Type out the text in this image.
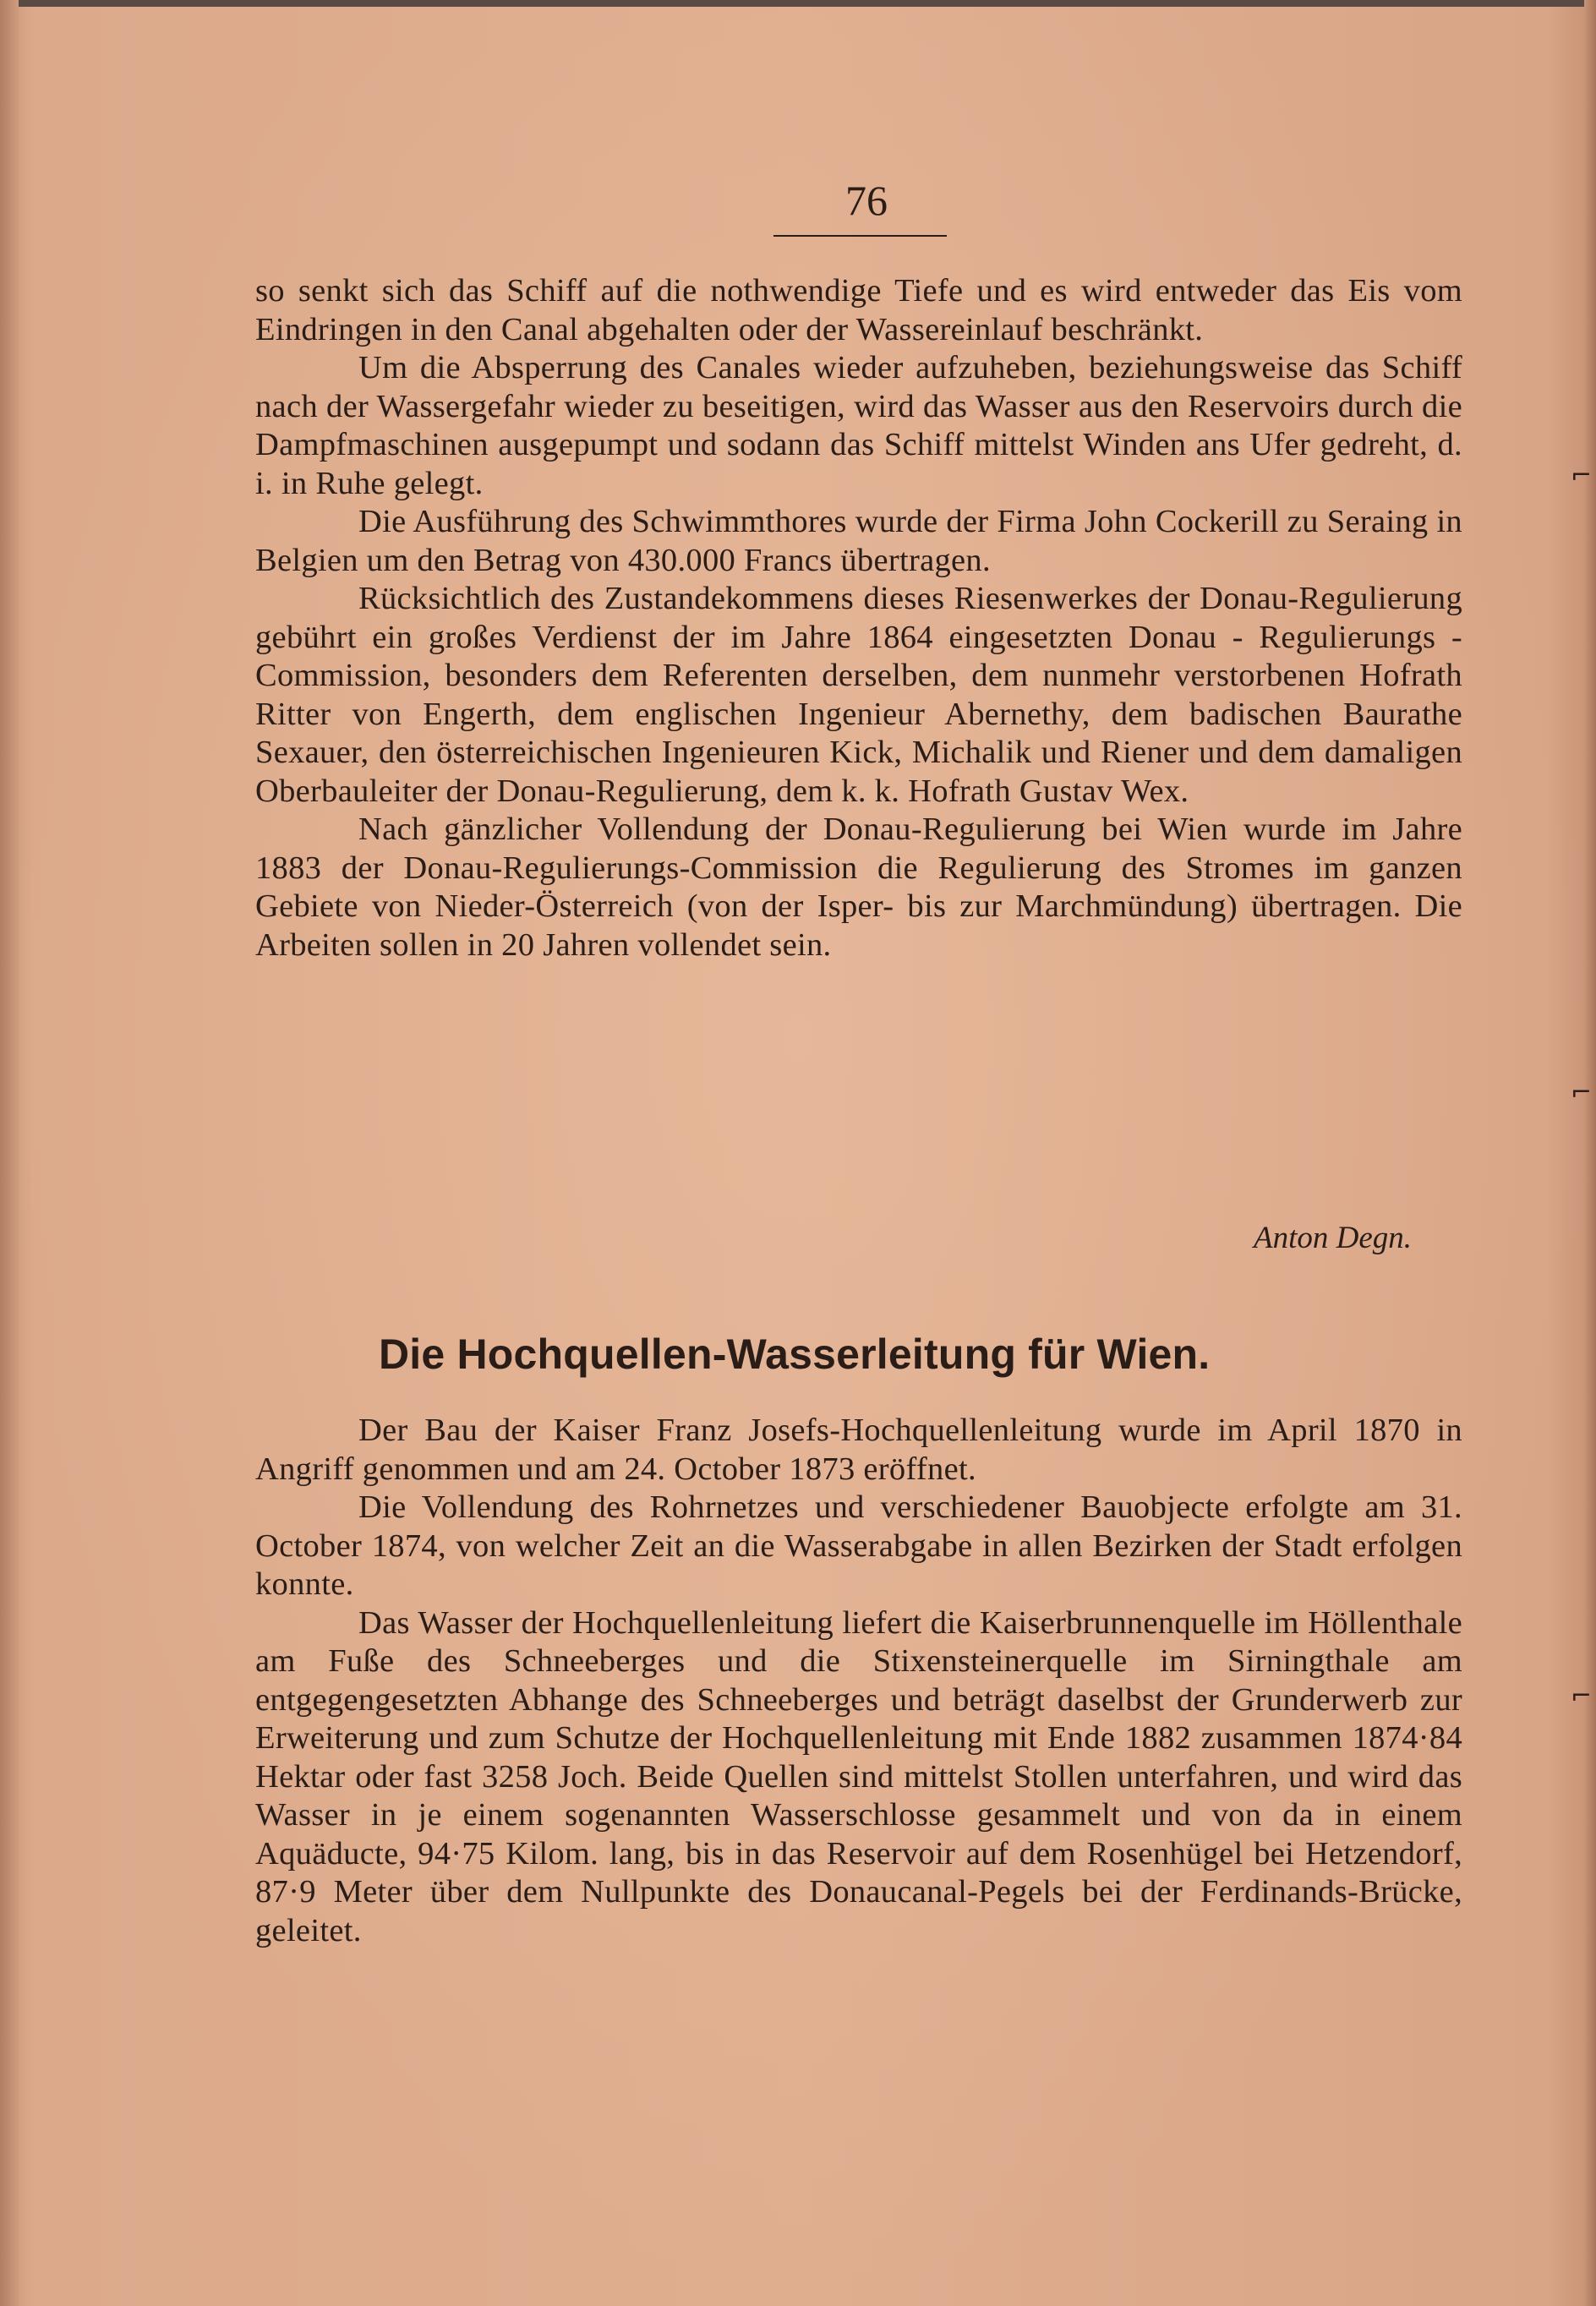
76

so senkt sich das Schiff auf die nothwendige Tiefe und es wird entweder das Eis vom Eindringen in den Canal abgehalten oder der Wassereinlauf beschränkt.

Um die Absperrung des Canales wieder aufzuheben, beziehungsweise das Schiff nach der Wassergefahr wieder zu beseitigen, wird das Wasser aus den Reservoirs durch die Dampfmaschinen ausgepumpt und sodann das Schiff mittelst Winden ans Ufer gedreht, d. i. in Ruhe gelegt.

Die Ausführung des Schwimmthores wurde der Firma John Cockerill zu Seraing in Belgien um den Betrag von 430.000 Francs übertragen.

Rücksichtlich des Zustandekommens dieses Riesenwerkes der Donau-Regulierung gebührt ein großes Verdienst der im Jahre 1864 eingesetzten Donau - Regulierungs - Commission, besonders dem Referenten derselben, dem nunmehr verstorbenen Hofrath Ritter von Engerth, dem englischen Ingenieur Abernethy, dem badischen Baurathe Sexauer, den österreichischen Ingenieuren Kick, Michalik und Riener und dem damaligen Oberbauleiter der Donau-Regulierung, dem k. k. Hofrath Gustav Wex.

Nach gänzlicher Vollendung der Donau-Regulierung bei Wien wurde im Jahre 1883 der Donau-Regulierungs-Commission die Regulierung des Stromes im ganzen Gebiete von Nieder-Österreich (von der Isper- bis zur Marchmündung) übertragen. Die Arbeiten sollen in 20 Jahren vollendet sein.

Anton Degn.
Die Hochquellen-Wasserleitung für Wien.

Der Bau der Kaiser Franz Josefs-Hochquellenleitung wurde im April 1870 in Angriff genommen und am 24. October 1873 eröffnet.

Die Vollendung des Rohrnetzes und verschiedener Bauobjecte erfolgte am 31. October 1874, von welcher Zeit an die Wasserabgabe in allen Bezirken der Stadt erfolgen konnte.

Das Wasser der Hochquellenleitung liefert die Kaiserbrunnenquelle im Höllenthale am Fuße des Schneeberges und die Stixensteinerquelle im Sirningthale am entgegengesetzten Abhange des Schneeberges und beträgt daselbst der Grunderwerb zur Erweiterung und zum Schutze der Hochquellenleitung mit Ende 1882 zusammen 1874·84 Hektar oder fast 3258 Joch. Beide Quellen sind mittelst Stollen unterfahren, und wird das Wasser in je einem sogenannten Wasserschlosse gesammelt und von da in einem Aquäducte, 94·75 Kilom. lang, bis in das Reservoir auf dem Rosenhügel bei Hetzendorf, 87·9 Meter über dem Nullpunkte des Donaucanal-Pegels bei der Ferdinands-Brücke, geleitet.

⌐
⌐
⌐
